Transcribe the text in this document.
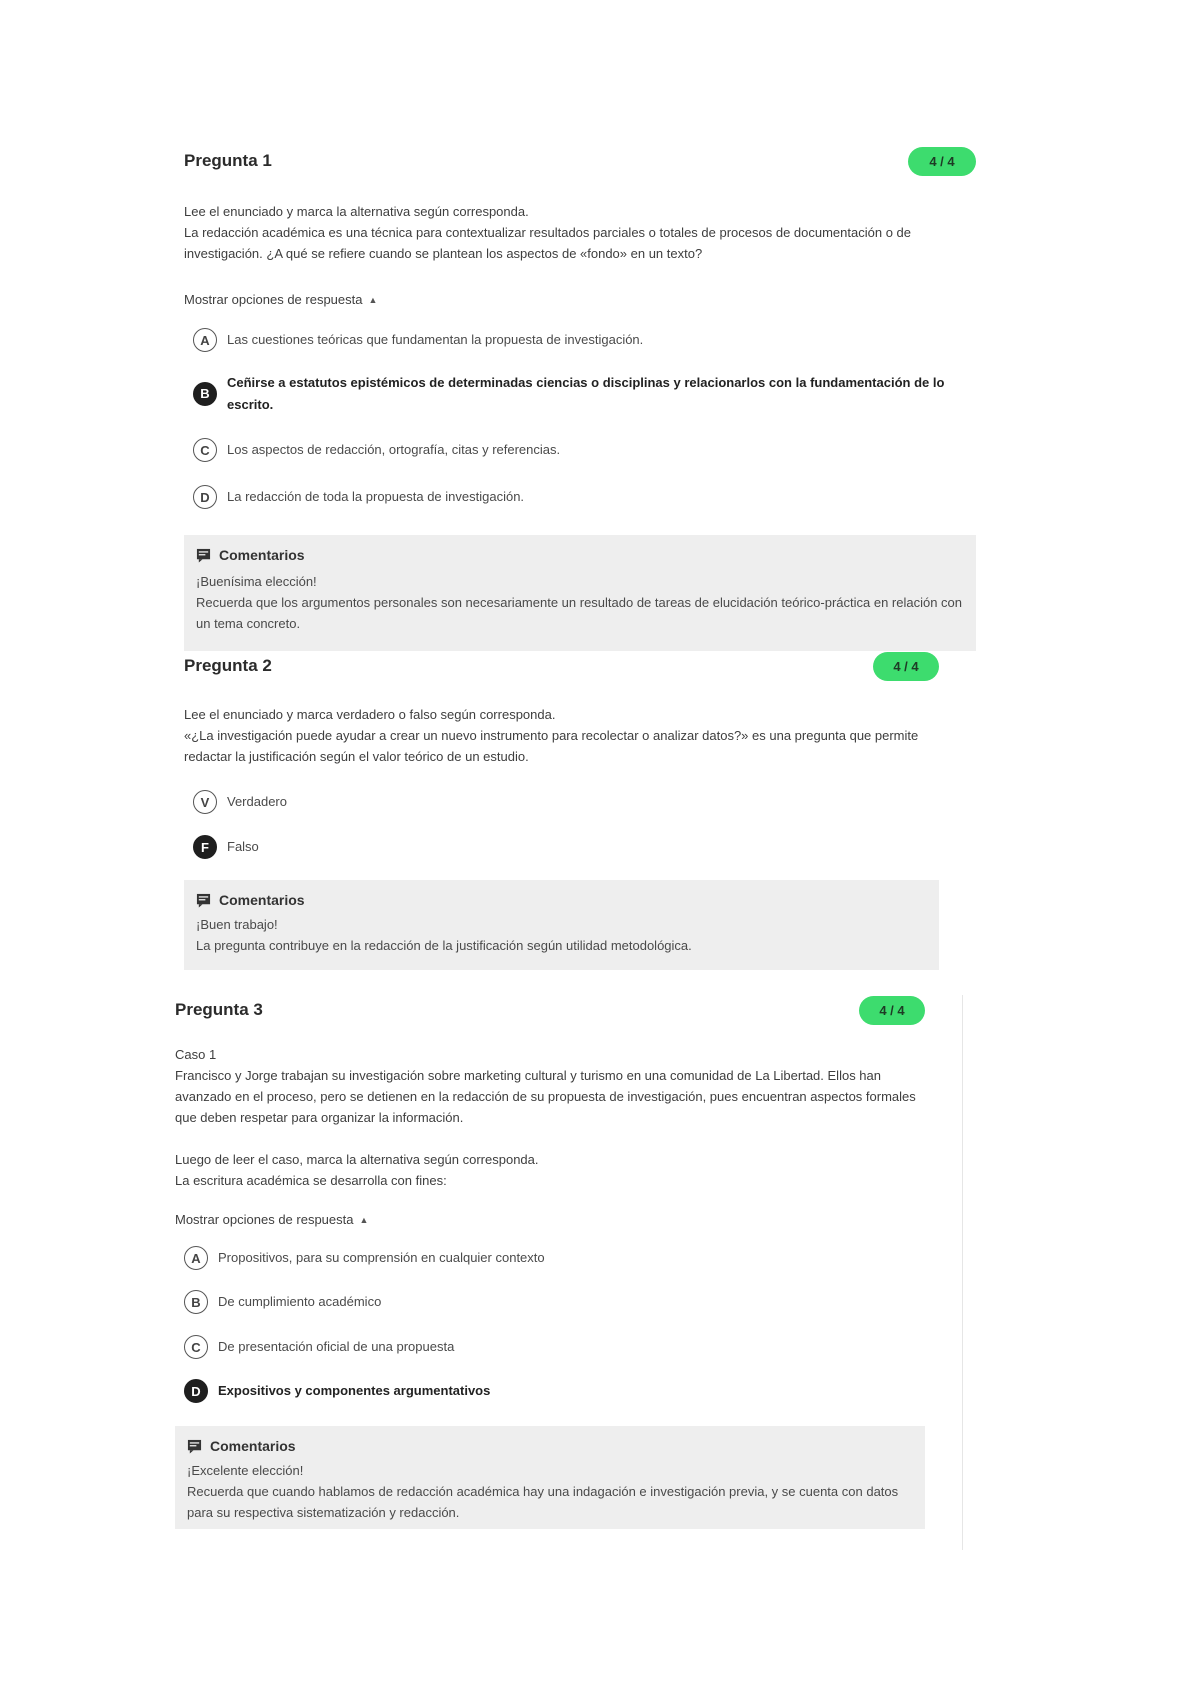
Pregunta 1	4 / 4

Lee el enunciado y marca la alternativa según corresponda.

La redacción académica es una técnica para contextualizar resultados parciales o totales de procesos de documentación o de investigación. ¿A qué se refiere cuando se plantean los aspectos de «fondo» en un texto?

Mostrar opciones de respuesta ▲
A	Las cuestiones teóricas que fundamentan la propuesta de investigación.
B
Ceñirse a estatutos epistémicos de determinadas ciencias o disciplinas y relacionarlos con la fundamentación de lo escrito.
C	Los aspectos de redacción, ortografía, citas y referencias.
D	La redacción de toda la propuesta de investigación.
Comentarios

¡Buenísima elección!

Recuerda que los argumentos personales son necesariamente un resultado de tareas de elucidación teórico-práctica en relación con un tema concreto.

Pregunta 2	4 / 4

Lee el enunciado y marca verdadero o falso según corresponda.

«¿La investigación puede ayudar a crear un nuevo instrumento para recolectar o analizar datos?» es una pregunta que permite redactar la justificación según el valor teórico de un estudio.

V	Verdadero
F	Falso
Comentarios

¡Buen trabajo!

La pregunta contribuye en la redacción de la justificación según utilidad metodológica.

Pregunta 3	4 / 4

Caso 1

Francisco y Jorge trabajan su investigación sobre marketing cultural y turismo en una comunidad de La Libertad. Ellos han avanzado en el proceso, pero se detienen en la redacción de su propuesta de investigación, pues encuentran aspectos formales que deben respetar para organizar la información.

Luego de leer el caso, marca la alternativa según corresponda.

La escritura académica se desarrolla con fines:

Mostrar opciones de respuesta ▲
A	Propositivos, para su comprensión en cualquier contexto
B	De cumplimiento académico
C	De presentación oficial de una propuesta
D	Expositivos y componentes argumentativos
Comentarios

¡Excelente elección!

Recuerda que cuando hablamos de redacción académica hay una indagación e investigación previa, y se cuenta con datos para su respectiva sistematización y redacción.
